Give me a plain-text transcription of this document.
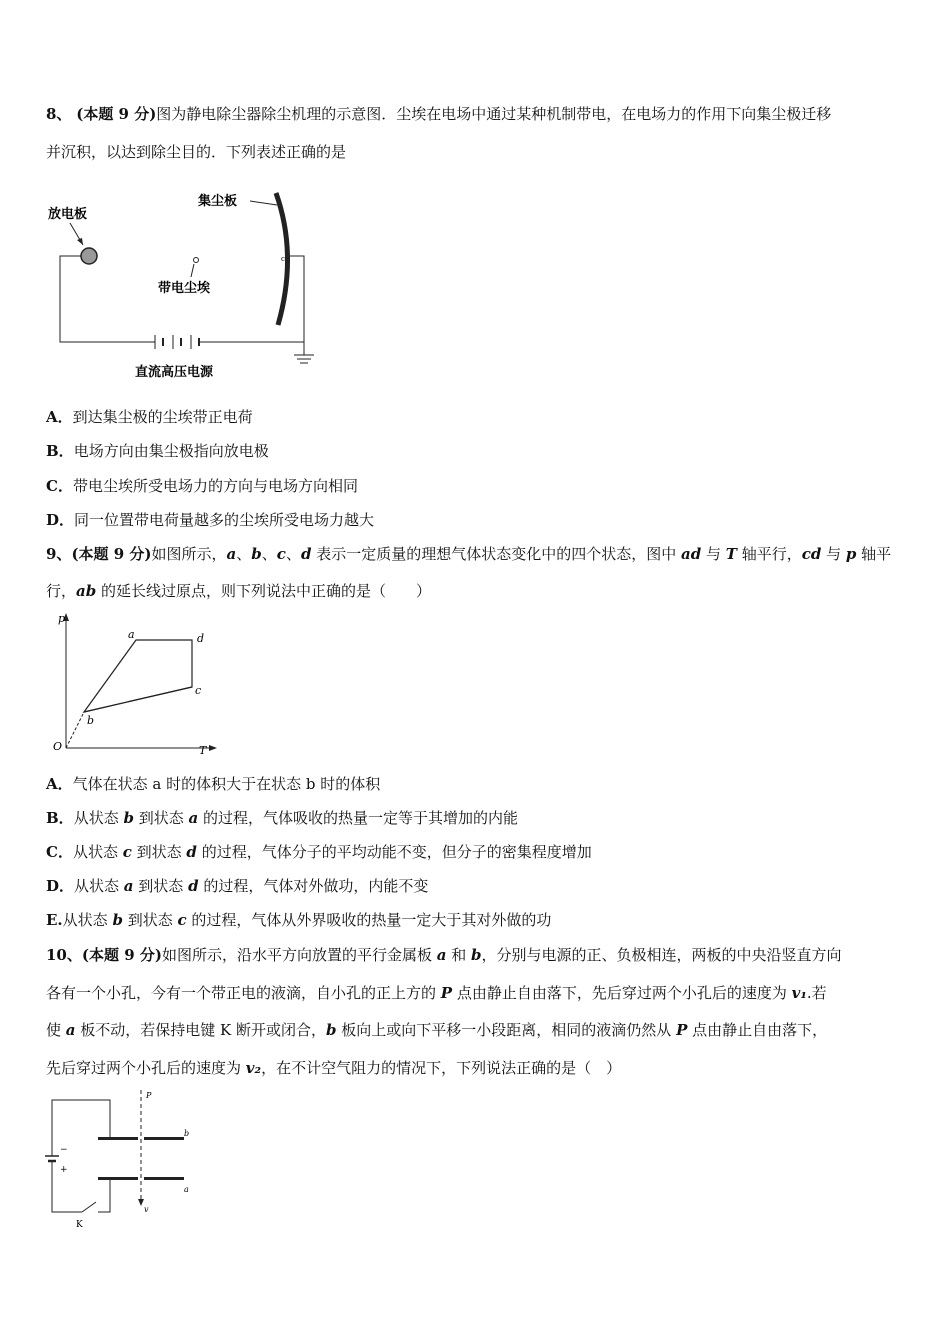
8、 (本题 9 分)图为静电除尘器除尘机理的示意图．尘埃在电场中通过某种机制带电，在电场力的作用下向集尘极迁移
并沉积，以达到除尘目的．下列表述正确的是
放电板
带电尘埃
集尘板
c
直流高压电源
A．到达集尘极的尘埃带正电荷
B．电场方向由集尘极指向放电极
C．带电尘埃所受电场力的方向与电场方向相同
D．同一位置带电荷量越多的尘埃所受电场力越大
9、(本题 9 分)如图所示，a、b、c、d 表示一定质量的理想气体状态变化中的四个状态，图中 ad 与 T 轴平行，cd 与 p 轴平
行，ab 的延长线过原点，则下列说法中正确的是（　　）
p
T
O
a
b
c
d
A．气体在状态 a 时的体积大于在状态 b 时的体积
B．从状态 b 到状态 a 的过程，气体吸收的热量一定等于其增加的内能
C．从状态 c 到状态 d 的过程，气体分子的平均动能不变，但分子的密集程度增加
D．从状态 a 到状态 d 的过程，气体对外做功，内能不变
E.从状态 b 到状态 c 的过程，气体从外界吸收的热量一定大于其对外做的功
10、(本题 9 分)如图所示，沿水平方向放置的平行金属板 a 和 b，分别与电源的正、负极相连，两板的中央沿竖直方向
各有一个小孔，今有一个带正电的液滴，自小孔的正上方的 P 点由静止自由落下，先后穿过两个小孔后的速度为 v₁.若
使 a 板不动，若保持电键 K 断开或闭合，b 板向上或向下平移一小段距离，相同的液滴仍然从 P 点由静止自由落下，
先后穿过两个小孔后的速度为 v₂，在不计空气阻力的情况下，下列说法正确的是（　）
P
v
b
a
−
+
K
